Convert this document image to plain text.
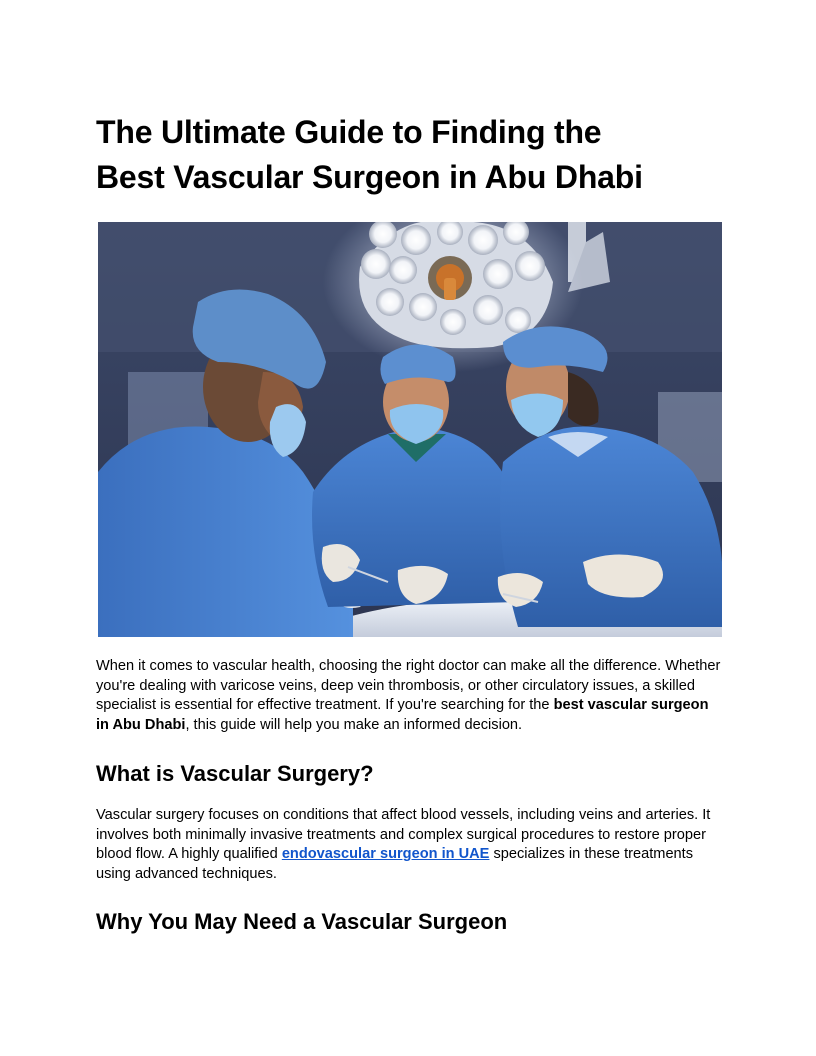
The Ultimate Guide to Finding the
Best Vascular Surgeon in Abu Dhabi

When it comes to vascular health, choosing the right doctor can make all the difference. Whether you're dealing with varicose veins, deep vein thrombosis, or other circulatory issues, a skilled specialist is essential for effective treatment. If you're searching for the best vascular surgeon in Abu Dhabi, this guide will help you make an informed decision.

What is Vascular Surgery?

Vascular surgery focuses on conditions that affect blood vessels, including veins and arteries. It involves both minimally invasive treatments and complex surgical procedures to restore proper blood flow. A highly qualified endovascular surgeon in UAE specializes in these treatments using advanced techniques.

Why You May Need a Vascular Surgeon
